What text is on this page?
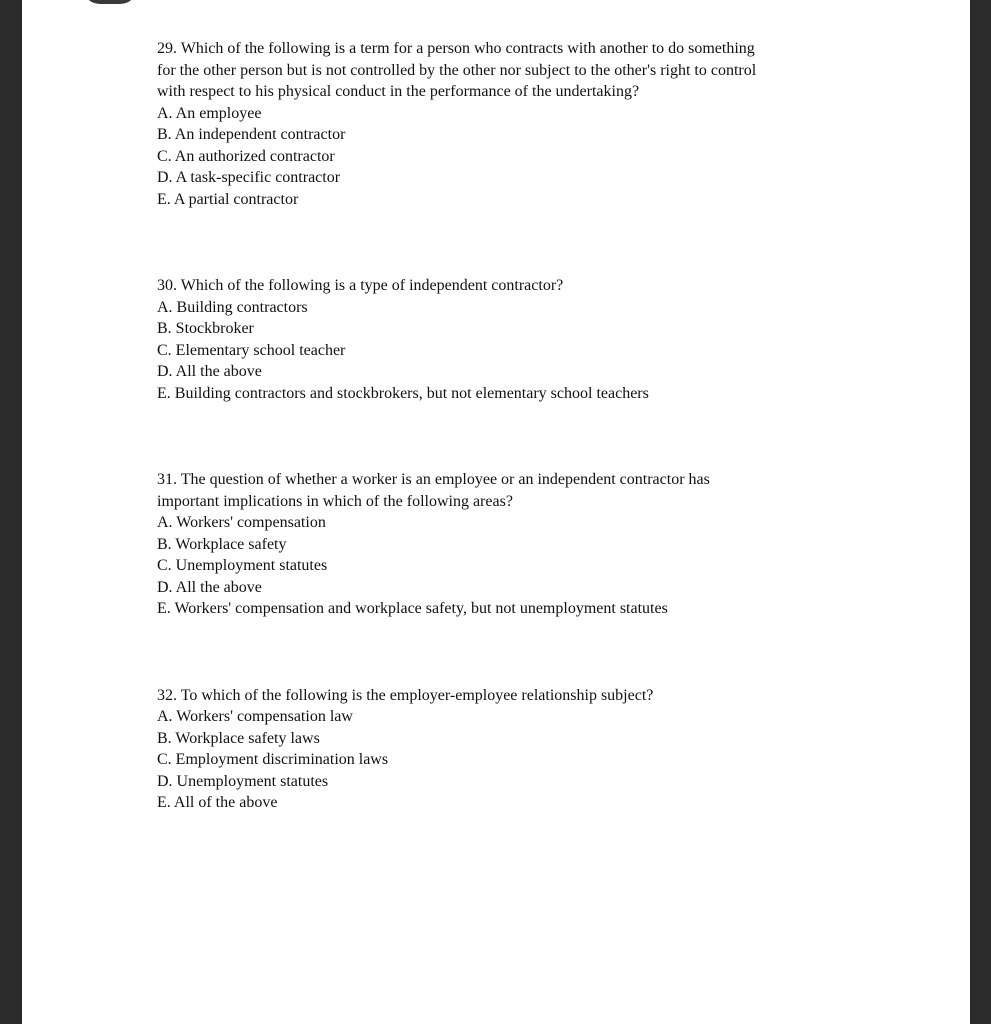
29. Which of the following is a term for a person who contracts with another to do something
for the other person but is not controlled by the other nor subject to the other's right to control
with respect to his physical conduct in the performance of the undertaking?
A. An employee
B. An independent contractor
C. An authorized contractor
D. A task-specific contractor
E. A partial contractor
30. Which of the following is a type of independent contractor?
A. Building contractors
B. Stockbroker
C. Elementary school teacher
D. All the above
E. Building contractors and stockbrokers, but not elementary school teachers
31. The question of whether a worker is an employee or an independent contractor has
important implications in which of the following areas?
A. Workers' compensation
B. Workplace safety
C. Unemployment statutes
D. All the above
E. Workers' compensation and workplace safety, but not unemployment statutes
32. To which of the following is the employer-employee relationship subject?
A. Workers' compensation law
B. Workplace safety laws
C. Employment discrimination laws
D. Unemployment statutes
E. All of the above
